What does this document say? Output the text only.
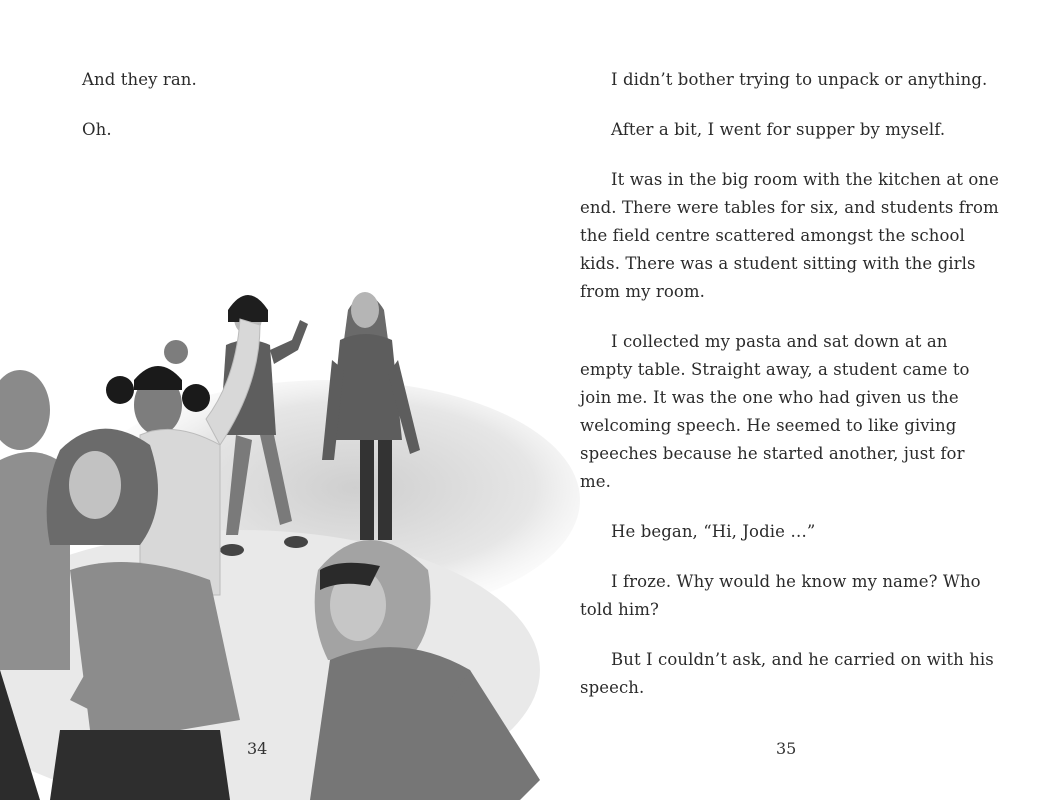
And they ran.

Oh.

34

I didn’t bother trying to unpack or anything.

After a bit, I went for supper by myself.

It was in the big room with the kitchen at one end. There were tables for six, and students from the field centre scattered amongst the school kids. There was a student sitting with the girls from my room.

I collected my pasta and sat down at an empty table. Straight away, a student came to join me. It was the one who had given us the welcoming speech. He seemed to like giving speeches because he started another, just for me.

He began, “Hi, Jodie …”

I froze. Why would he know my name? Who told him?

But I couldn’t ask, and he carried on with his speech.

35
